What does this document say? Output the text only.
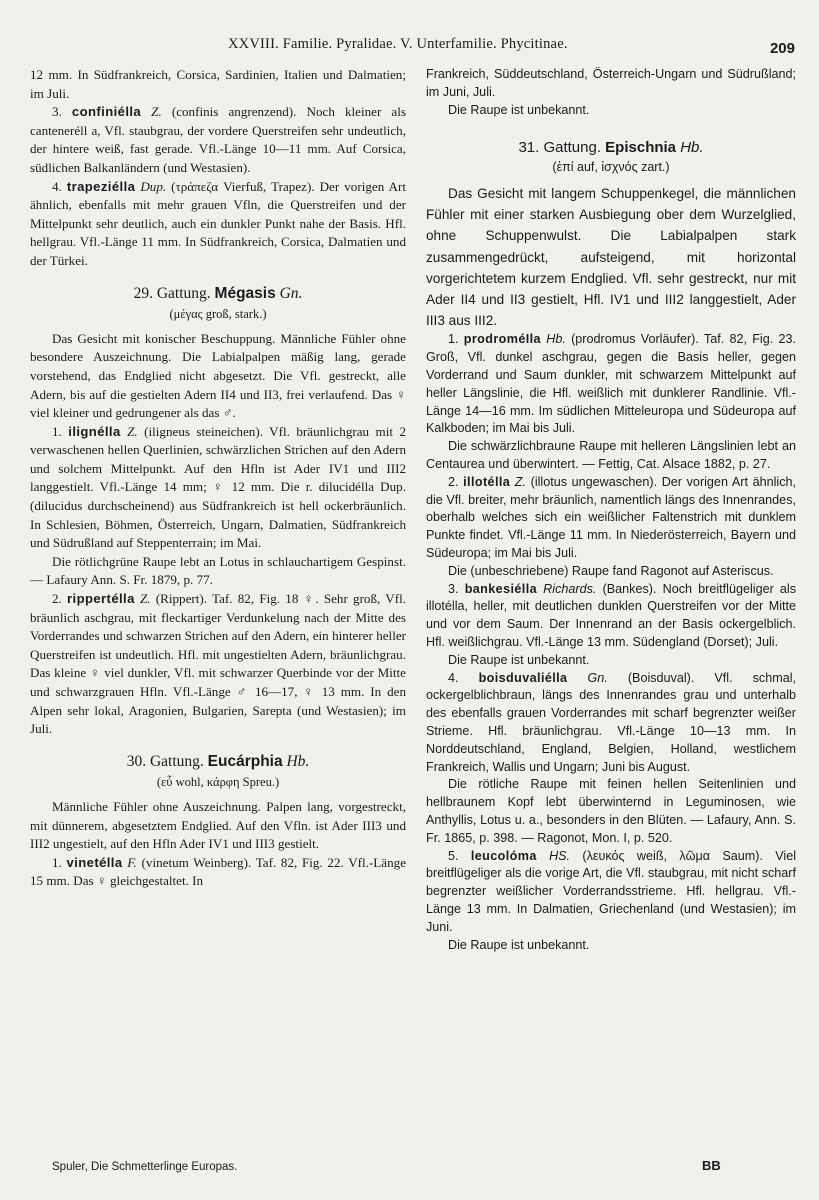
XXVIII. Familie. Pyralidae. V. Unterfamilie. Phycitinae.	209

12 mm. In Südfrankreich, Corsica, Sardinien, Italien und Dalmatien; im Juli.

3. confiniélla Z. (confinis angrenzend). Noch kleiner als canteneréll a, Vfl. staubgrau, der vordere Querstreifen sehr undeutlich, der hintere weiß, fast gerade. Vfl.-Länge 10—11 mm. Auf Corsica, südlichen Balkanländern (und Westasien).

4. trapeziélla Dup. (τράπεζα Vierfuß, Trapez). Der vorigen Art ähnlich, ebenfalls mit mehr grauen Vfln, die Querstreifen und der Mittelpunkt sehr deutlich, auch ein dunkler Punkt nahe der Basis. Hfl. hellgrau. Vfl.-Länge 11 mm. In Südfrankreich, Corsica, Dalmatien und der Türkei.

29. Gattung. Mégasis Gn.
(μέγας groß, stark.)

Das Gesicht mit konischer Beschuppung. Männliche Fühler ohne besondere Auszeichnung. Die Labialpalpen mäßig lang, gerade vorstehend, das Endglied nicht abgesetzt. Die Vfl. gestreckt, alle Adern, bis auf die gestielten Adern II4 und II3, frei verlaufend. Das ♀ viel kleiner und gedrungener als das ♂.

1. ilignélla Z. (iligneus steineichen). Vfl. bräunlichgrau mit 2 verwaschenen hellen Querlinien, schwärzlichen Strichen auf den Adern und solchem Mittelpunkt. Auf den Hfln ist Ader IV1 und III2 langgestielt. Vfl.-Länge 14 mm; ♀ 12 mm. Die r. dilucidélla Dup. (dilucidus durchscheinend) aus Südfrankreich ist hell ockerbräunlich. In Schlesien, Böhmen, Österreich, Ungarn, Dalmatien, Südfrankreich und Südrußland auf Steppenterrain; im Mai.

Die rötlichgrüne Raupe lebt an Lotus in schlauchartigem Gespinst. — Lafaury Ann. S. Fr. 1879, p. 77.

2. rippertélla Z. (Rippert). Taf. 82, Fig. 18 ♀. Sehr groß, Vfl. bräunlich aschgrau, mit fleckartiger Verdunkelung nach der Mitte des Vorderrandes und schwarzen Strichen auf den Adern, ein hinterer heller Querstreifen ist undeutlich. Hfl. mit ungestielten Adern, bräunlichgrau. Das kleine ♀ viel dunkler, Vfl. mit schwarzer Querbinde vor der Mitte und schwarzgrauen Hfln. Vfl.-Länge ♂ 16—17, ♀ 13 mm. In den Alpen sehr lokal, Aragonien, Bulgarien, Sarepta (und Westasien); im Juli.

30. Gattung. Eucárphia Hb.
(εὖ wohl, κάρφη Spreu.)

Männliche Fühler ohne Auszeichnung. Palpen lang, vorgestreckt, mit dünnerem, abgesetztem Endglied. Auf den Vfln. ist Ader III3 und III2 ungestielt, auf den Hfln Ader IV1 und III3 gestielt.

1. vinetélla F. (vinetum Weinberg). Taf. 82, Fig. 22. Vfl.-Länge 15 mm. Das ♀ gleichgestaltet. In

Frankreich, Süddeutschland, Österreich-Ungarn und Südrußland; im Juni, Juli.

Die Raupe ist unbekannt.

31. Gattung. Epischnia Hb.
(ἐπί auf, ἰσχνός zart.)

Das Gesicht mit langem Schuppenkegel, die männlichen Fühler mit einer starken Ausbiegung ober dem Wurzelglied, ohne Schuppenwulst. Die Labialpalpen stark zusammengedrückt, aufsteigend, mit horizontal vorgerichtetem kurzem Endglied. Vfl. sehr gestreckt, nur mit Ader II4 und II3 gestielt, Hfl. IV1 und III2 langgestielt, Ader III3 aus III2.

1. prodroméIla Hb. (prodromus Vorläufer). Taf. 82, Fig. 23. Groß, Vfl. dunkel aschgrau, gegen die Basis heller, gegen Vorderrand und Saum dunkler, mit schwarzem Mittelpunkt auf heller Längslinie, die Hfl. weißlich mit dunklerer Randlinie. Vfl.-Länge 14—16 mm. Im südlichen Mitteleuropa und Südeuropa auf Kalkboden; im Mai bis Juli.

Die schwärzlichbraune Raupe mit helleren Längslinien lebt an Centaurea und überwintert. — Fettig, Cat. Alsace 1882, p. 27.

2. illotélla Z. (illotus ungewaschen). Der vorigen Art ähnlich, die Vfl. breiter, mehr bräunlich, namentlich längs des Innenrandes, oberhalb welches sich ein weißlicher Faltenstrich mit dunklem Punkte findet. Vfl.-Länge 11 mm. In Niederösterreich, Bayern und Südeuropa; im Mai bis Juli.

Die (unbeschriebene) Raupe fand Ragonot auf Asteriscus.

3. bankesiélla Richards. (Bankes). Noch breitflügeliger als illotélla, heller, mit deutlichen dunklen Querstreifen vor der Mitte und vor dem Saum. Der Innenrand an der Basis ockergelblich. Hfl. weißlichgrau. Vfl.-Länge 13 mm. Südengland (Dorset); Juli.

Die Raupe ist unbekannt.

4. boisduvaliélla Gn. (Boisduval). Vfl. schmal, ockergelblichbraun, längs des Innenrandes grau und unterhalb des ebenfalls grauen Vorderrandes mit scharf begrenzter weißer Strieme. Hfl. bräunlichgrau. Vfl.-Länge 10—13 mm. In Norddeutschland, England, Belgien, Holland, westlichem Frankreich, Wallis und Ungarn; Juni bis August.

Die rötliche Raupe mit feinen hellen Seitenlinien und hellbraunem Kopf lebt überwinternd in Leguminosen, wie Anthyllis, Lotus u. a., besonders in den Blüten. — Lafaury, Ann. S. Fr. 1865, p. 398. — Ragonot, Mon. I, p. 520.

5. leucolóma HS. (λευκός weiß, λῶμα Saum). Viel breitflügeliger als die vorige Art, die Vfl. staubgrau, mit nicht scharf begrenzter weißlicher Vorderrandsstrieme. Hfl. hellgrau. Vfl.-Länge 13 mm. In Dalmatien, Griechenland (und Westasien); im Juni.

Die Raupe ist unbekannt.

Spuler, Die Schmetterlinge Europas.	BB
